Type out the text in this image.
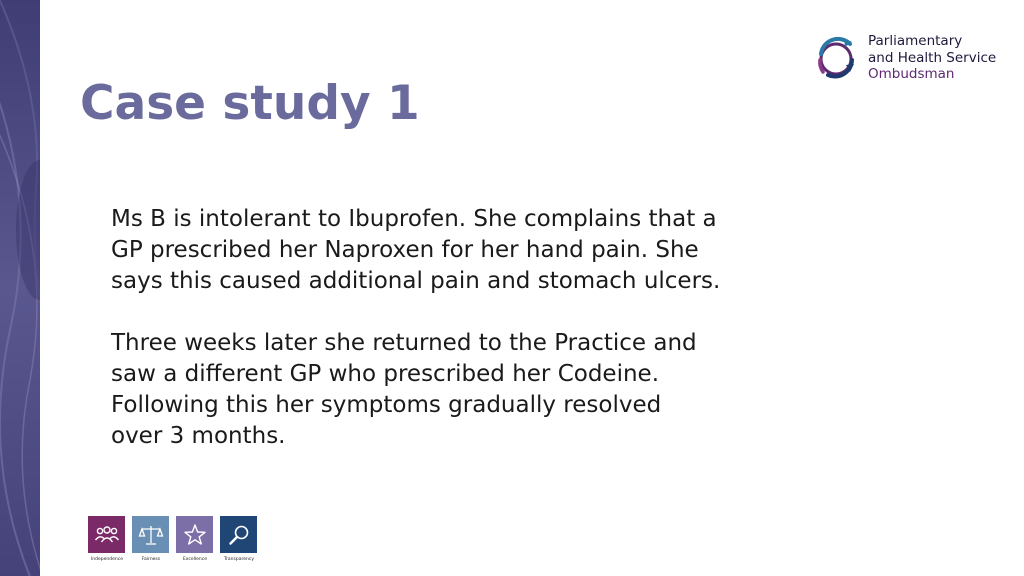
Case study 1
Parliamentary
and Health Service
Ombudsman

Ms B is intolerant to Ibuprofen. She complains that a
GP prescribed her Naproxen for her hand pain. She
says this caused additional pain and stomach ulcers.

Three weeks later she returned to the Practice and
saw a different GP who prescribed her Codeine.
Following this her symptoms gradually resolved
over 3 months.

Independence	Fairness	Excellence	Transparency
